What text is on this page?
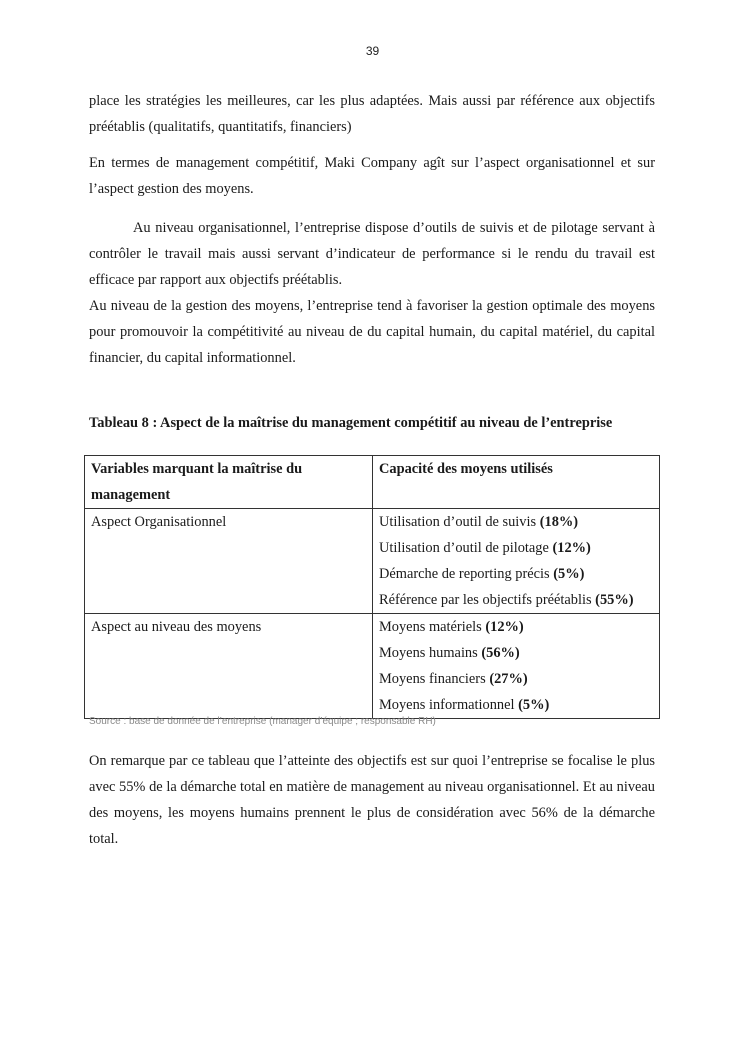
39

place les stratégies les meilleures, car les plus adaptées. Mais aussi par référence aux objectifs préétablis (qualitatifs, quantitatifs, financiers)

En termes de management compétitif, Maki Company agît sur l’aspect organisationnel et sur l’aspect gestion des moyens.

Au niveau organisationnel, l’entreprise dispose d’outils de suivis et de pilotage servant à contrôler le travail mais aussi servant d’indicateur de performance si le rendu du travail est efficace par rapport aux objectifs préétablis.

Au niveau de la gestion des moyens, l’entreprise tend à favoriser la gestion optimale des moyens pour promouvoir la compétitivité au niveau de du capital humain, du capital matériel, du capital financier, du capital informationnel.

Tableau 8 : Aspect de la maîtrise du management compétitif au niveau de l’entreprise
Variables marquant la maîtrise du management	Capacité des moyens utilisés
Aspect Organisationnel	Utilisation d’outil de suivis (18%)
Utilisation d’outil de pilotage (12%)
Démarche de reporting précis (5%)
Référence par les objectifs préétablis (55%)

Aspect au niveau des moyens	Moyens matériels (12%)
Moyens humains (56%)
Moyens financiers (27%)
Moyens informationnel (5%)
Source : base de donnée de l’entreprise (manager d’équipe ; responsable RH)

On remarque par ce tableau que l’atteinte des objectifs est sur quoi l’entreprise se focalise le plus avec 55% de la démarche total en matière de management au niveau organisationnel. Et au niveau des moyens, les moyens humains prennent le plus de considération avec 56% de la démarche total.
